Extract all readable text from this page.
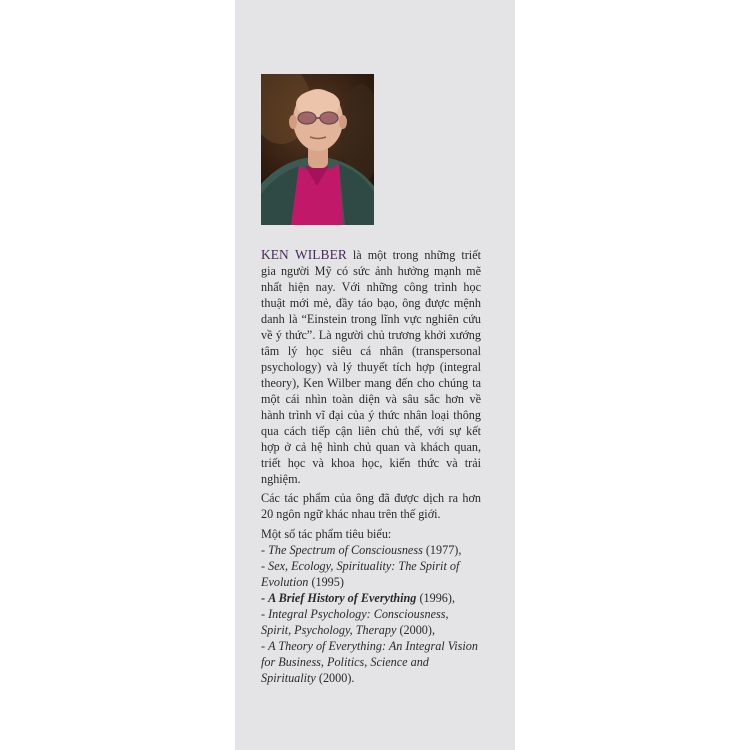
KEN WILBER là một trong những triết gia người Mỹ có sức ảnh hưởng mạnh mẽ nhất hiện nay. Với những công trình học thuật mới mẻ, đầy táo bạo, ông được mệnh danh là “Einstein trong lĩnh vực nghiên cứu về ý thức”. Là người chủ trương khởi xướng tâm lý học siêu cá nhân (transpersonal psychology) và lý thuyết tích hợp (integral theory), Ken Wilber mang đến cho chúng ta một cái nhìn toàn diện và sâu sắc hơn về hành trình vĩ đại của ý thức nhân loại thông qua cách tiếp cận liên chủ thể, với sự kết hợp ở cả hệ hình chủ quan và khách quan, triết học và khoa học, kiến thức và trải nghiệm.

Các tác phẩm của ông đã được dịch ra hơn 20 ngôn ngữ khác nhau trên thế giới.

Một số tác phẩm tiêu biểu:

- The Spectrum of Consciousness (1977),
- Sex, Ecology, Spirituality: The Spirit of Evolution (1995)
- A Brief History of Everything (1996),
- Integral Psychology: Consciousness, Spirit, Psychology, Therapy (2000),
- A Theory of Everything: An Integral Vision for Business, Politics, Science and Spirituality (2000).
